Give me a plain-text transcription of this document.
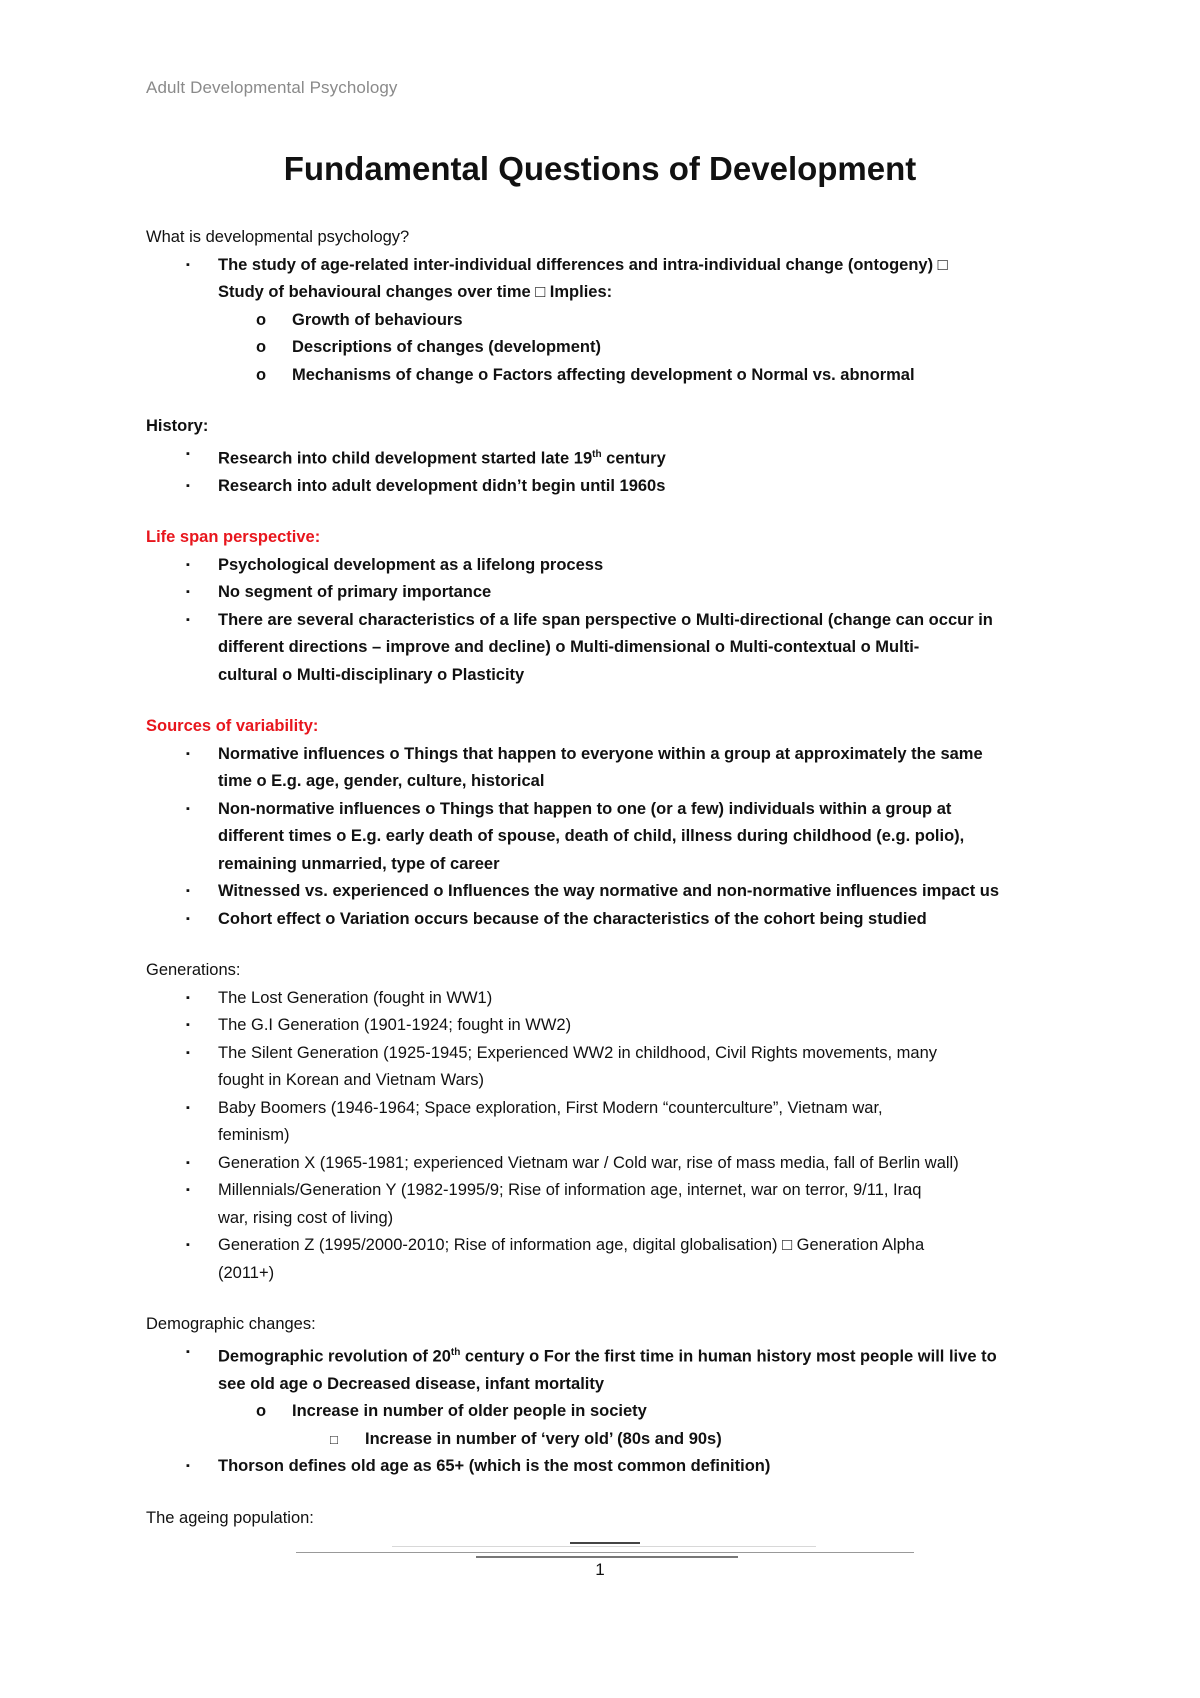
Adult Developmental Psychology
Fundamental Questions of Development

What is developmental psychology?

▪ The study of age-related inter-individual differences and intra-individual change (ontogeny) □
Study of behavioural changes over time □ Implies:
o Growth of behaviours
o Descriptions of changes (development)
o Mechanisms of change o Factors affecting development o Normal vs. abnormal

History:

▪ Research into child development started late 19th century
▪ Research into adult development didn’t begin until 1960s

Life span perspective:

▪ Psychological development as a lifelong process
▪ No segment of primary importance
▪ There are several characteristics of a life span perspective o Multi-directional (change can occur in
different directions – improve and decline) o Multi-dimensional o Multi-contextual o Multi-
cultural o Multi-disciplinary o Plasticity

Sources of variability:

▪ Normative influences o Things that happen to everyone within a group at approximately the same
time o E.g. age, gender, culture, historical
▪ Non-normative influences o Things that happen to one (or a few) individuals within a group at
different times o E.g. early death of spouse, death of child, illness during childhood (e.g. polio),
remaining unmarried, type of career
▪ Witnessed vs. experienced o Influences the way normative and non-normative influences impact us
▪ Cohort effect o Variation occurs because of the characteristics of the cohort being studied

Generations:

▪ The Lost Generation (fought in WW1)
▪ The G.I Generation (1901-1924; fought in WW2)
▪ The Silent Generation (1925-1945; Experienced WW2 in childhood, Civil Rights movements, many
fought in Korean and Vietnam Wars)
▪ Baby Boomers (1946-1964; Space exploration, First Modern “counterculture”, Vietnam war,
feminism)
▪ Generation X (1965-1981; experienced Vietnam war / Cold war, rise of mass media, fall of Berlin wall)
▪ Millennials/Generation Y (1982-1995/9; Rise of information age, internet, war on terror, 9/11, Iraq
war, rising cost of living)
▪ Generation Z (1995/2000-2010; Rise of information age, digital globalisation) □ Generation Alpha
(2011+)

Demographic changes:

▪ Demographic revolution of 20th century o For the first time in human history most people will live to
see old age o Decreased disease, infant mortality
o Increase in number of older people in society
□ Increase in number of ‘very old’ (80s and 90s)
▪ Thorson defines old age as 65+ (which is the most common definition)

The ageing population:

1
